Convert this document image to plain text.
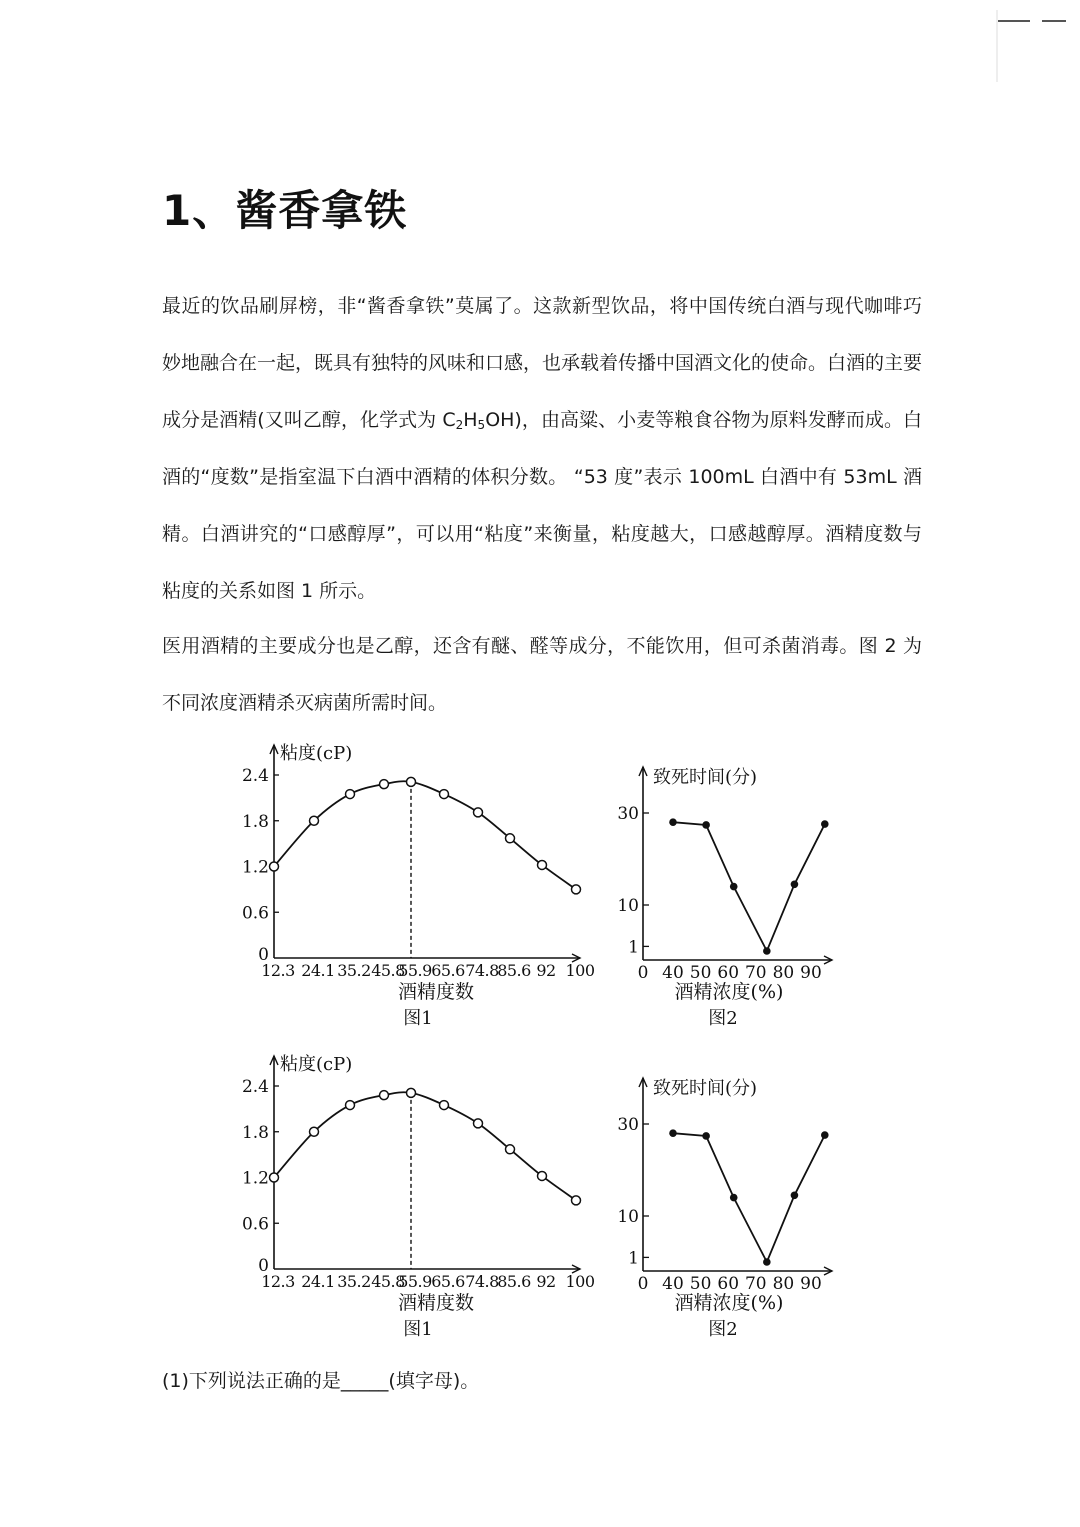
1、酱香拿铁

最近的饮品刷屏榜，非“酱香拿铁”莫属了。这款新型饮品，将中国传统白酒与现代咖啡巧妙地融合在一起，既具有独特的风味和口感，也承载着传播中国酒文化的使命。白酒的主要成分是酒精(又叫乙醇，化学式为 $C_2H_5OH$)，由高粱、小麦等粮食谷物为原料发酵而成。白酒的“度数”是指室温下白酒中酒精的体积分数。 “53 度”表示 100mL 白酒中有 53mL 酒精。白酒讲究的“口感醇厚”，可以用“粘度”来衡量，粘度越大，口感越醇厚。酒精度数与粘度的关系如图 1 所示。

医用酒精的主要成分也是乙醇，还含有醚、醛等成分，不能饮用，但可杀菌消毒。图 2 为不同浓度酒精杀灭病菌所需时间。

粘度(cP)
0
0.6
1.2
1.8
2.4
12.3 24.1 35.2 45.8
55.9 65.6 74.8
85.6 92 100
酒精度数
图1
致死时间(分)
1
10
30
0 40 50 60 70 80 90
酒精浓度(%)
图2
粘度(cP)
0
0.6
1.2
1.8
2.4
12.3 24.1 35.2 45.8
55.9 65.6 74.8
85.6 92 100
酒精度数
图1
致死时间(分)
1
10
30
0 40 50 60 70 80 90
酒精浓度(%)
图2

(1)下列说法正确的是_____(填字母)。
